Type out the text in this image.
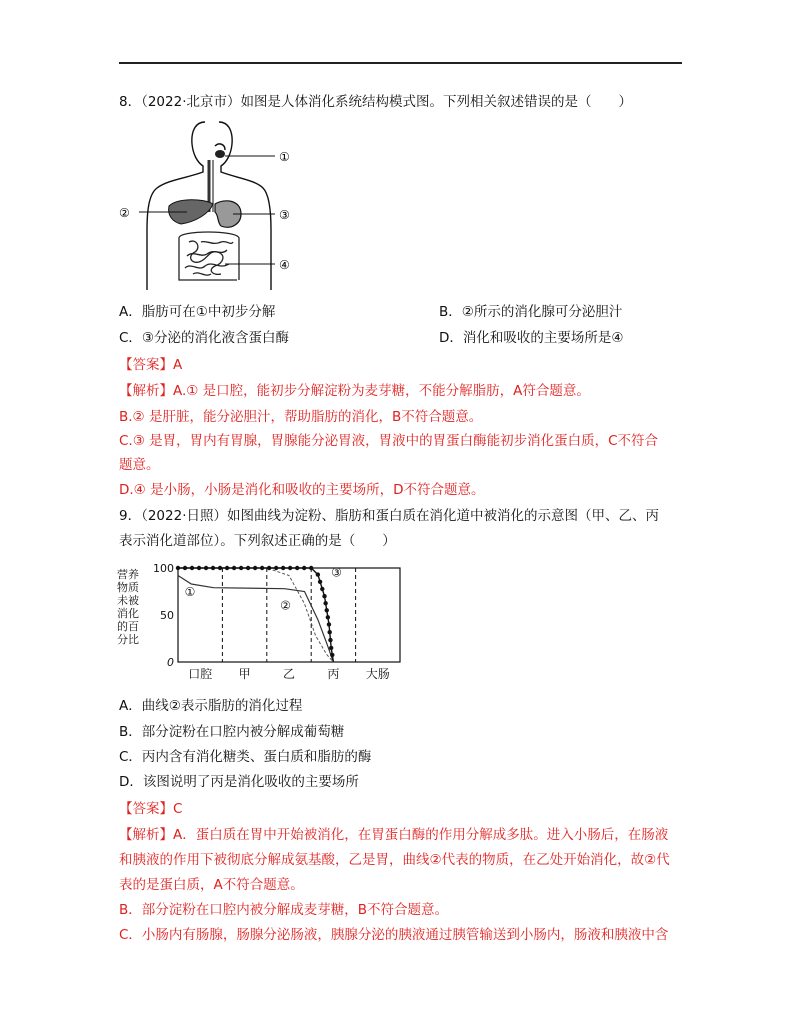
8．（2022·北京市）如图是人体消化系统结构模式图。下列相关叙述错误的是（　　）
①
②	③
④
A．脂肪可在①中初步分解	B．②所示的消化腺可分泌胆汁
C．③分泌的消化液含蛋白酶	D．消化和吸收的主要场所是④
【答案】A
【解析】A.① 是口腔，能初步分解淀粉为麦芽糖，不能分解脂肪，A符合题意。
B.② 是肝脏，能分泌胆汁，帮助脂肪的消化，B不符合题意。
C.③ 是胃，胃内有胃腺，胃腺能分泌胃液，胃液中的胃蛋白酶能初步消化蛋白质，C不符合
题意。
D.④ 是小肠，小肠是消化和吸收的主要场所，D不符合题意。
9．（2022·日照）如图曲线为淀粉、脂肪和蛋白质在消化道中被消化的示意图（甲、乙、丙
表示消化道部位）。下列叙述正确的是（　　）
营养
物质
未被
消化
的百
分比
100
50
0
口腔 甲	乙	丙 大肠
①
②
③
A．曲线②表示脂肪的消化过程
B．部分淀粉在口腔内被分解成葡萄糖
C．丙内含有消化糖类、蛋白质和脂肪的酶
D．该图说明了丙是消化吸收的主要场所
【答案】C
【解析】A．蛋白质在胃中开始被消化，在胃蛋白酶的作用分解成多肽。进入小肠后，在肠液
和胰液的作用下被彻底分解成氨基酸，乙是胃，曲线②代表的物质，在乙处开始消化，故②代
表的是蛋白质，A不符合题意。
B．部分淀粉在口腔内被分解成麦芽糖，B不符合题意。
C．小肠内有肠腺，肠腺分泌肠液，胰腺分泌的胰液通过胰管输送到小肠内，肠液和胰液中含
